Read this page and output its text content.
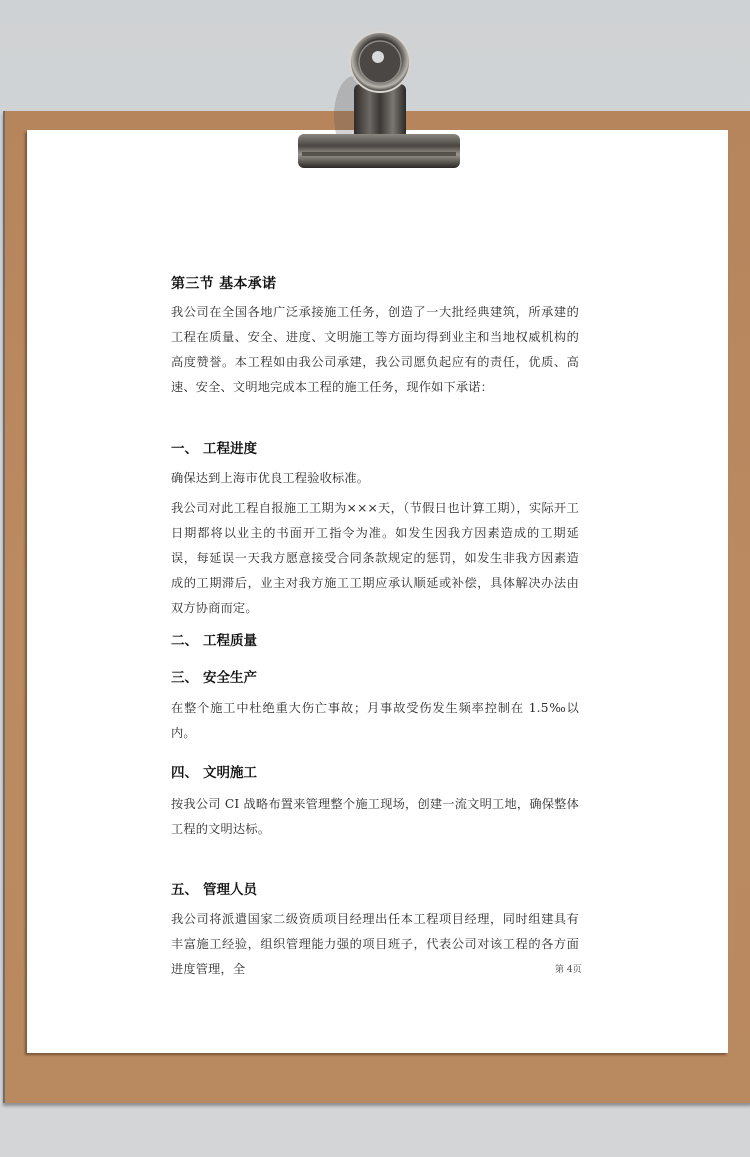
第三节 基本承诺
我公司在全国各地广泛承接施工任务，创造了一大批经典建筑，所承建的工程在质量、安全、进度、文明施工等方面均得到业主和当地权威机构的高度赞誉。本工程如由我公司承建，我公司愿负起应有的责任，优质、高速、安全、文明地完成本工程的施工任务，现作如下承诺：
一、 工程进度
确保达到上海市优良工程验收标准。
我公司对此工程自报施工工期为×××天，（节假日也计算工期），实际开工日期都将以业主的书面开工指令为准。如发生因我方因素造成的工期延误，每延误一天我方愿意接受合同条款规定的惩罚，如发生非我方因素造成的工期滞后，业主对我方施工工期应承认顺延或补偿，具体解决办法由双方协商而定。
二、 工程质量
三、 安全生产
在整个施工中杜绝重大伤亡事故；月事故受伤发生频率控制在 1.5‰以内。
四、 文明施工
按我公司 CI 战略布置来管理整个施工现场，创建一流文明工地，确保整体工程的文明达标。
五、 管理人员
我公司将派遣国家二级资质项目经理出任本工程项目经理，同时组建具有丰富施工经验，组织管理能力强的项目班子，代表公司对该工程的各方面进度管理，全	第 4页
